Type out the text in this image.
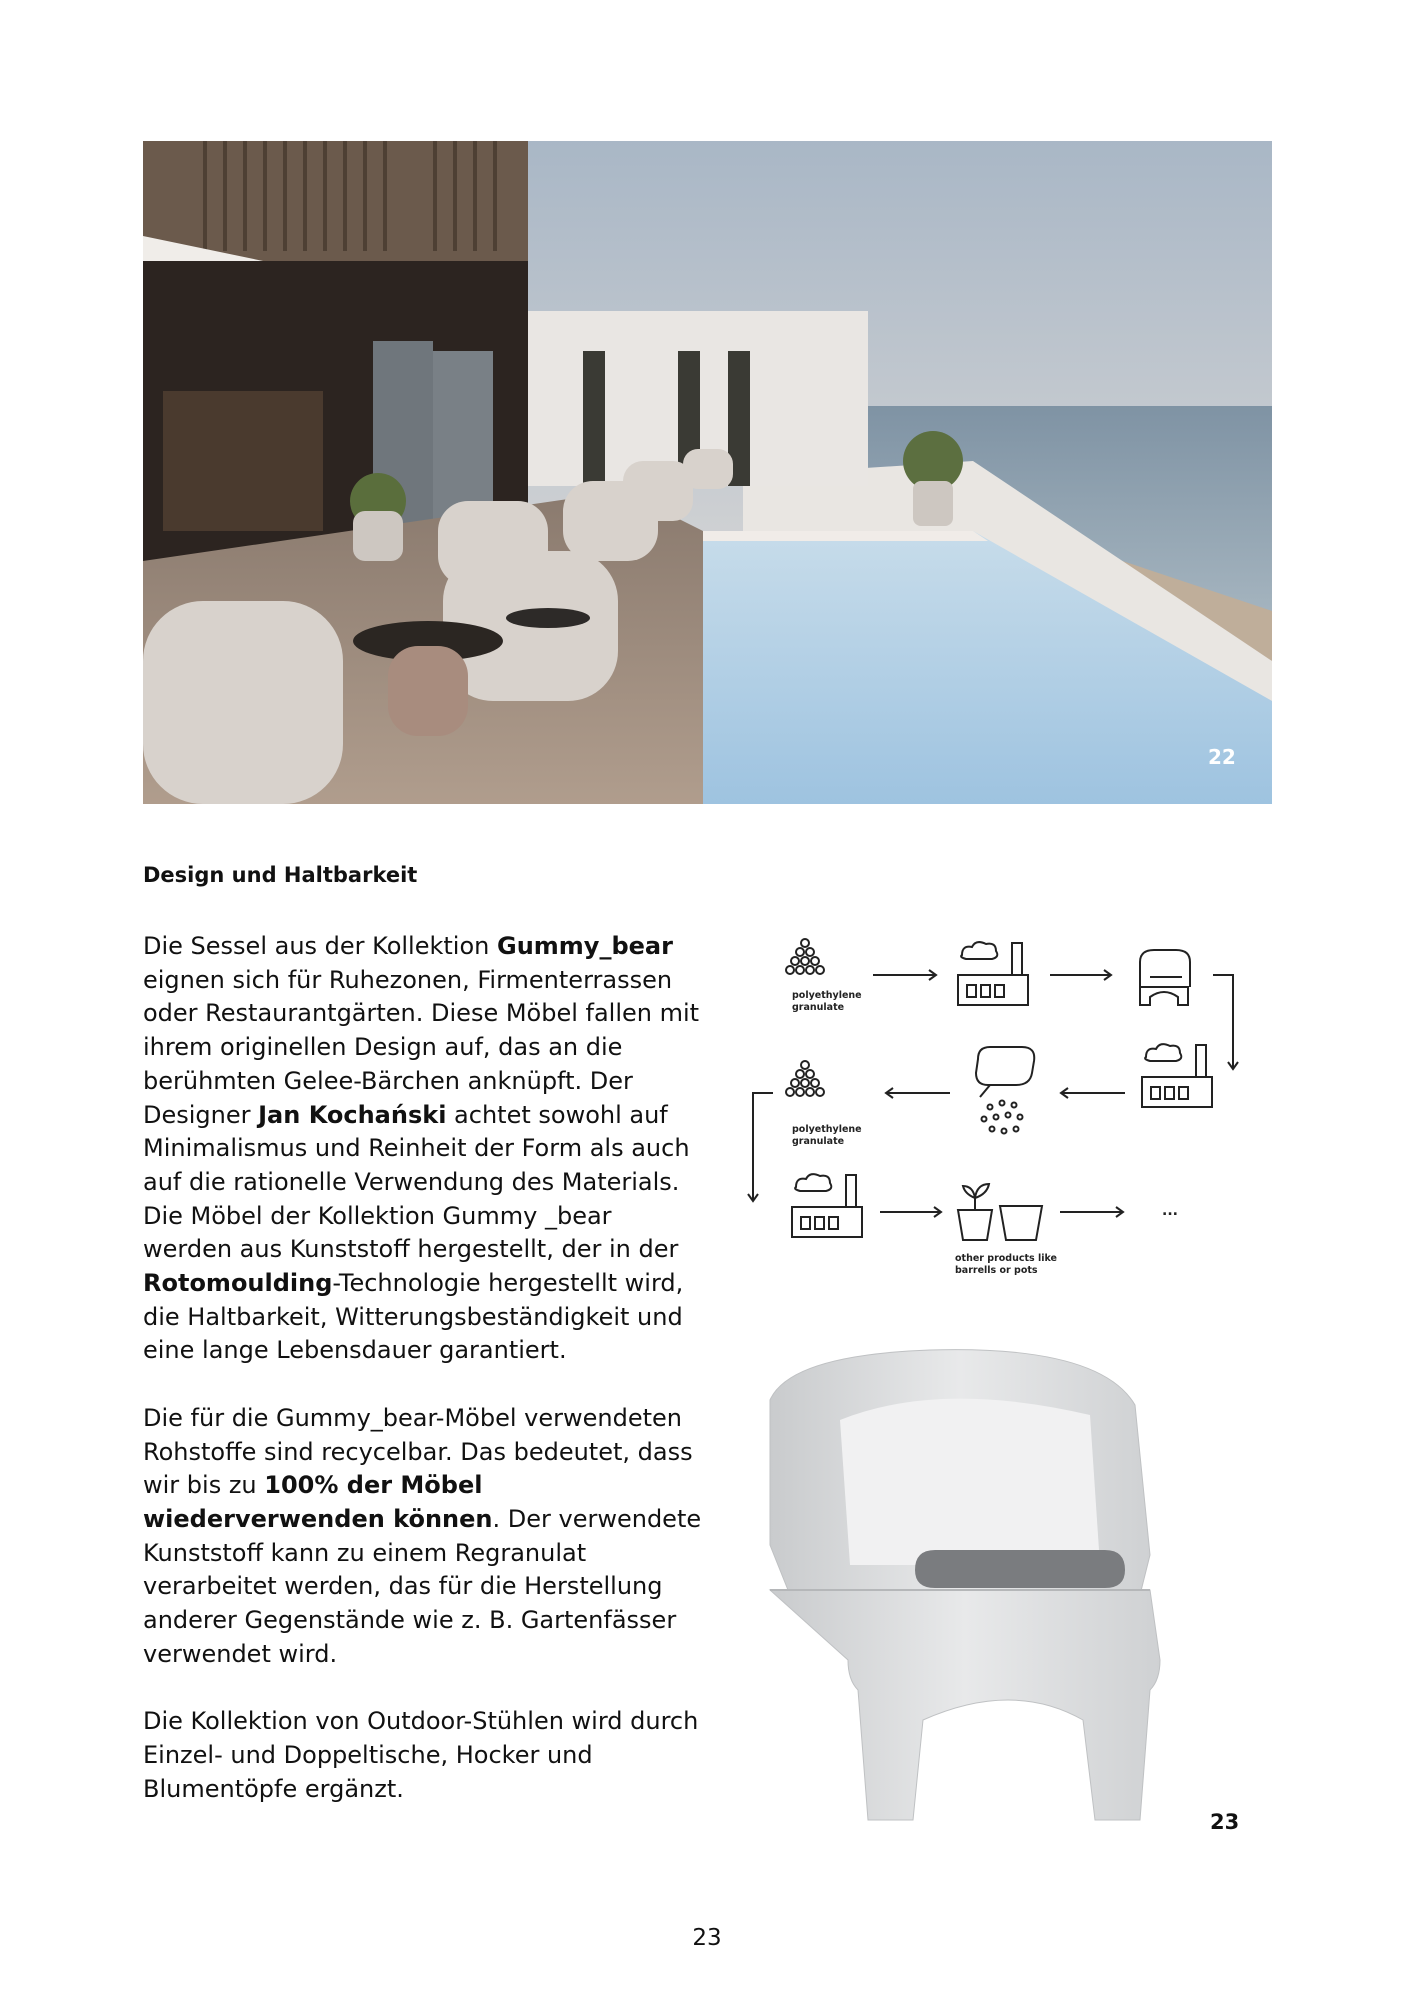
22
Design und Haltbarkeit

Die Sessel aus der Kollektion Gummy_bear eignen sich für Ruhezonen, Firmenterrassen oder Restaurantgärten. Diese Möbel fallen mit ihrem originellen Design auf, das an die berühmten Gelee-Bärchen anknüpft. Der Designer Jan Kochański achtet sowohl auf Minimalismus und Reinheit der Form als auch auf die rationelle Verwendung des Materials. Die Möbel der Kollektion Gummy _bear werden aus Kunststoff hergestellt, der in der Rotomoulding-Technologie hergestellt wird, die Haltbarkeit, Witterungsbeständigkeit und eine lange Lebensdauer garantiert.

Die für die Gummy_bear-Möbel verwendeten Rohstoffe sind recycelbar. Das bedeutet, dass wir bis zu 100% der Möbel wiederverwenden können. Der verwendete Kunststoff kann zu einem Regranulat verarbeitet werden, das für die Herstellung anderer Gegenstände wie z. B. Gartenfässer verwendet wird.

Die Kollektion von Outdoor-Stühlen wird durch Einzel- und Doppeltische, Hocker und Blumentöpfe ergänzt.

polyethylene
granulate
polyethylene
granulate
other products like
barrells or pots
...
23
23
